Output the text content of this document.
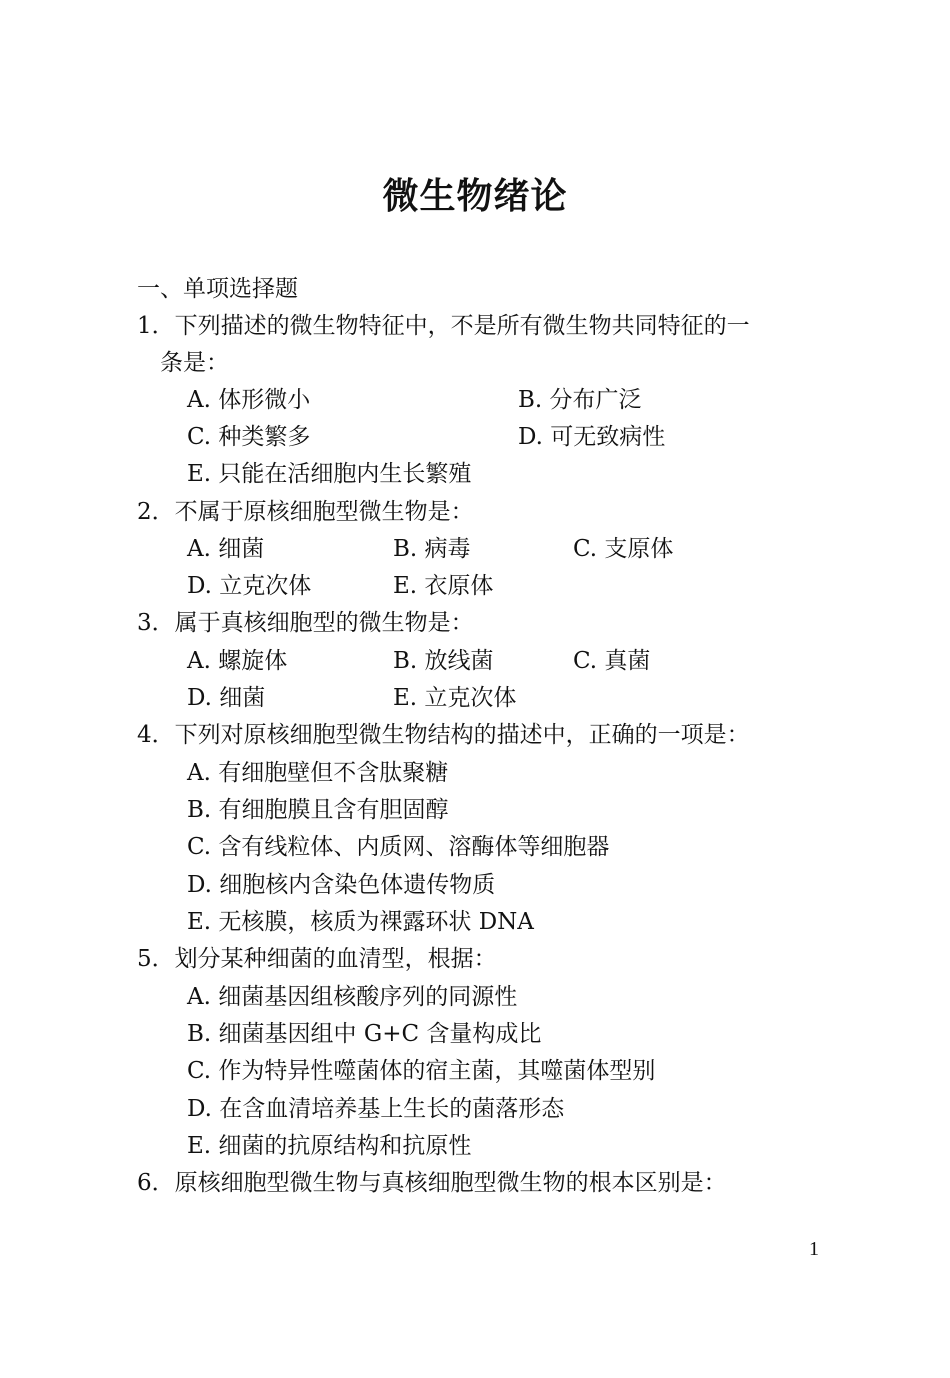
微生物绪论
一、单项选择题
1．下列描述的微生物特征中，不是所有微生物共同特征的一
条是：
A. 体形微小	B. 分布广泛
C. 种类繁多	D. 可无致病性
E. 只能在活细胞内生长繁殖
2．不属于原核细胞型微生物是：
A. 细菌	B. 病毒	C. 支原体
D. 立克次体	E. 衣原体
3．属于真核细胞型的微生物是：
A. 螺旋体	B. 放线菌	C. 真菌
D. 细菌	E. 立克次体
4．下列对原核细胞型微生物结构的描述中，正确的一项是：
A. 有细胞壁但不含肽聚糖
B. 有细胞膜且含有胆固醇
C. 含有线粒体、内质网、溶酶体等细胞器
D. 细胞核内含染色体遗传物质
E. 无核膜，核质为裸露环状 DNA
5．划分某种细菌的血清型，根据：
A. 细菌基因组核酸序列的同源性
B. 细菌基因组中 G+C 含量构成比
C. 作为特异性噬菌体的宿主菌，其噬菌体型别
D. 在含血清培养基上生长的菌落形态
E. 细菌的抗原结构和抗原性
6．原核细胞型微生物与真核细胞型微生物的根本区别是：
1
